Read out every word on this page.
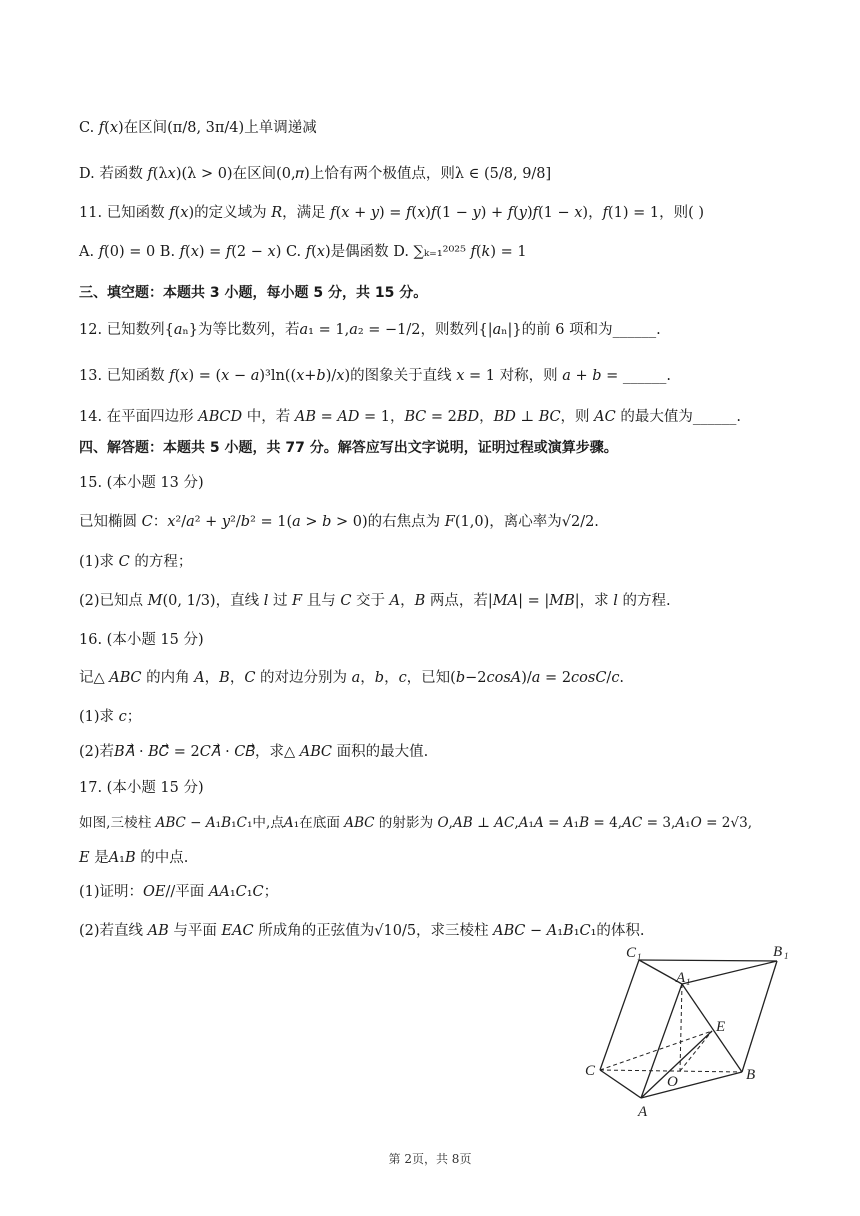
C. 𝑓(𝑥)在区间(π/8, 3π/4)上单调递减
D. 若函数 𝑓(λ𝑥)(λ > 0)在区间(0,𝜋)上恰有两个极值点，则λ ∈ (5/8, 9/8]
11. 已知函数 𝑓(𝑥)的定义域为 𝑅，满足 𝑓(𝑥 + 𝑦) = 𝑓(𝑥)𝑓(1 − 𝑦) + 𝑓(𝑦)𝑓(1 − 𝑥)，𝑓(1) = 1，则( )
A. 𝑓(0) = 0 B. 𝑓(𝑥) = 𝑓(2 − 𝑥) C. 𝑓(𝑥)是偶函数 D. ∑ₖ₌₁²⁰²⁵ 𝑓(𝑘) = 1
三、填空题：本题共 3 小题，每小题 5 分，共 15 分。
12. 已知数列{𝑎ₙ}为等比数列，若𝑎₁ = 1,𝑎₂ = −1/2，则数列{|𝑎ₙ|}的前 6 项和为______.
13. 已知函数 𝑓(𝑥) = (𝑥 − 𝑎)³ln((𝑥+𝑏)/𝑥)的图象关于直线 𝑥 = 1 对称，则 𝑎 + 𝑏 = ______.
14. 在平面四边形 𝐴𝐵𝐶𝐷 中，若 𝐴𝐵 = 𝐴𝐷 = 1，𝐵𝐶 = 2𝐵𝐷，𝐵𝐷 ⊥ 𝐵𝐶，则 𝐴𝐶 的最大值为______.
四、解答题：本题共 5 小题，共 77 分。解答应写出文字说明，证明过程或演算步骤。
15. (本小题 13 分)
已知椭圆 𝐶：𝑥²/𝑎² + 𝑦²/𝑏² = 1(𝑎 > 𝑏 > 0)的右焦点为 𝐹(1,0)，离心率为√2/2.
(1)求 𝐶 的方程；
(2)已知点 𝑀(0, 1/3)，直线 𝑙 过 𝐹 且与 𝐶 交于 𝐴，𝐵 两点，若|𝑀𝐴| = |𝑀𝐵|，求 𝑙 的方程.
16. (本小题 15 分)
记△ 𝐴𝐵𝐶 的内角 𝐴，𝐵，𝐶 的对边分别为 𝑎，𝑏，𝑐，已知(𝑏−2𝑐𝑜𝑠𝐴)/𝑎 = 2𝑐𝑜𝑠𝐶/𝑐.
(1)求 𝑐；
(2)若𝐵𝐴⃗ · 𝐵𝐶⃗ = 2𝐶𝐴⃗ · 𝐶𝐵⃗，求△ 𝐴𝐵𝐶 面积的最大值.
17. (本小题 15 分)
如图,三棱柱 𝐴𝐵𝐶 − 𝐴₁𝐵₁𝐶₁中,点𝐴₁在底面 𝐴𝐵𝐶 的射影为 𝑂,𝐴𝐵 ⊥ 𝐴𝐶,𝐴₁𝐴 = 𝐴₁𝐵 = 4,𝐴𝐶 = 3,𝐴₁𝑂 = 2√3,
𝐸 是𝐴₁𝐵 的中点.
(1)证明：𝑂𝐸//平面 𝐴𝐴₁𝐶₁𝐶；
(2)若直线 𝐴𝐵 与平面 𝐸𝐴𝐶 所成角的正弦值为√10/5，求三棱柱 𝐴𝐵𝐶 − 𝐴₁𝐵₁𝐶₁的体积.
C 1	B 1
A 1
E
C
O	B
A
第 2页，共 8页
